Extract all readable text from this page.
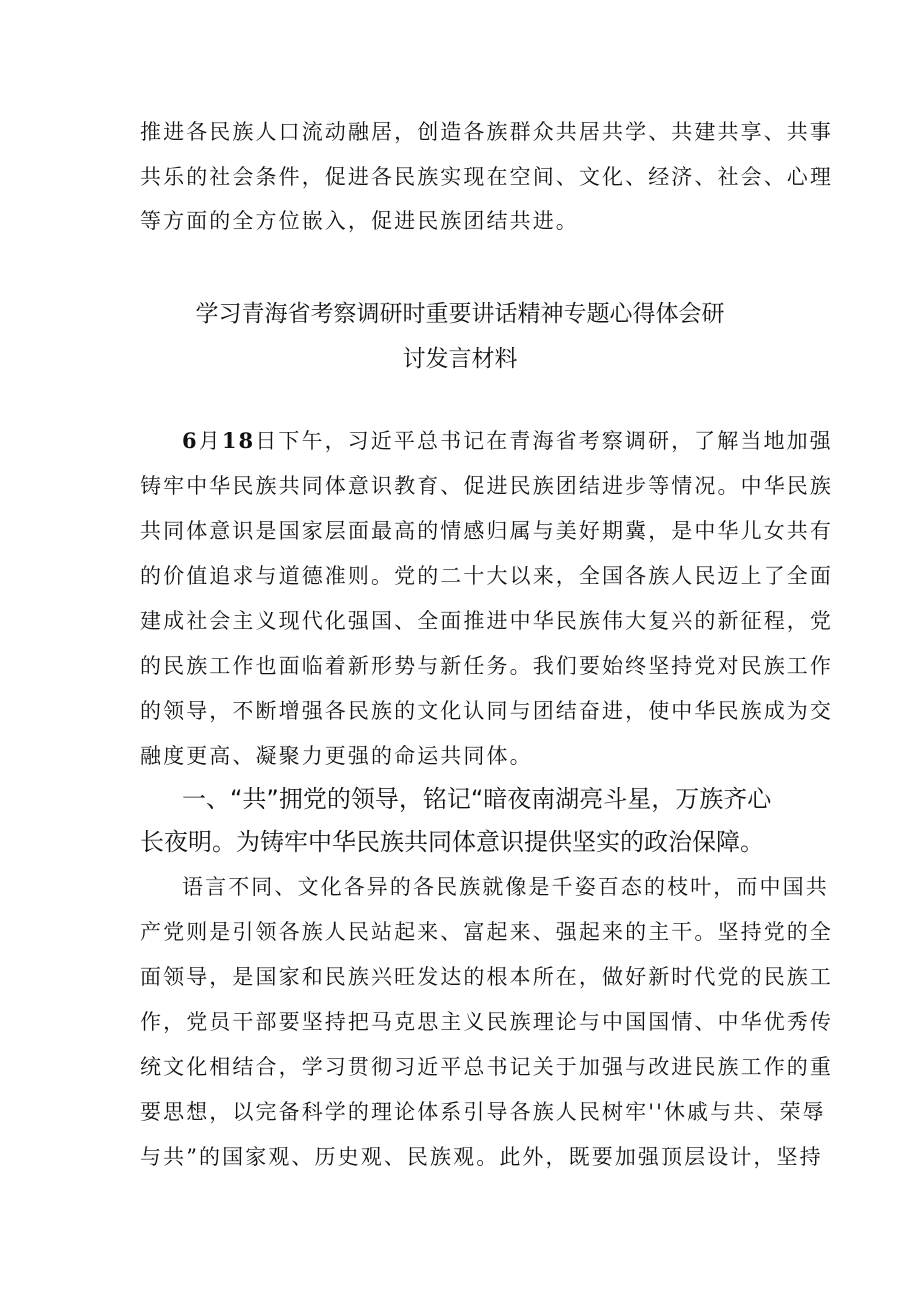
推进各民族人口流动融居，创造各族群众共居共学、共建共享、共事
共乐的社会条件，促进各民族实现在空间、文化、经济、社会、心理
等方面的全方位嵌入，促进民族团结共进。
学习青海省考察调研时重要讲话精神专题心得体会研
讨发言材料
6月18日下午，习近平总书记在青海省考察调研，了解当地加强
铸牢中华民族共同体意识教育、促进民族团结进步等情况。中华民族
共同体意识是国家层面最高的情感归属与美好期冀，是中华儿女共有
的价值追求与道德准则。党的二十大以来，全国各族人民迈上了全面
建成社会主义现代化强国、全面推进中华民族伟大复兴的新征程，党
的民族工作也面临着新形势与新任务。我们要始终坚持党对民族工作
的领导，不断增强各民族的文化认同与团结奋进，使中华民族成为交
融度更高、凝聚力更强的命运共同体。
一、“共”拥党的领导，铭记“暗夜南湖亮斗星，万族齐心
长夜明。为铸牢中华民族共同体意识提供坚实的政治保障。
语言不同、文化各异的各民族就像是千姿百态的枝叶，而中国共
产党则是引领各族人民站起来、富起来、强起来的主干。坚持党的全
面领导，是国家和民族兴旺发达的根本所在，做好新时代党的民族工
作，党员干部要坚持把马克思主义民族理论与中国国情、中华优秀传
统文化相结合，学习贯彻习近平总书记关于加强与改进民族工作的重
要思想，以完备科学的理论体系引导各族人民树牢''休戚与共、荣辱
与共”的国家观、历史观、民族观。此外，既要加强顶层设计，坚持
